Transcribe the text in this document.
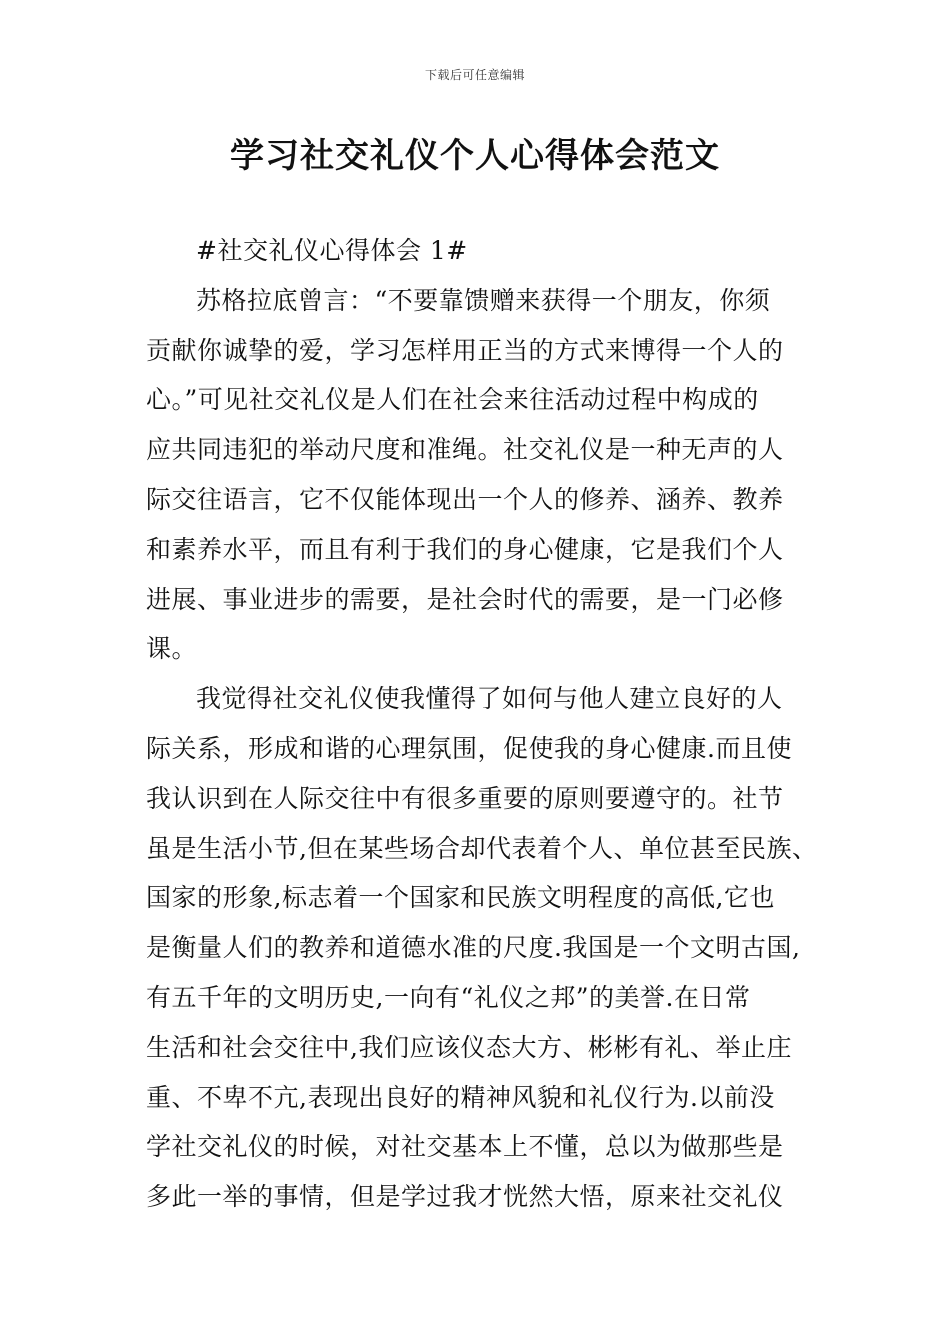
下载后可任意编辑
学习社交礼仪个人心得体会范文
#社交礼仪心得体会 1#
苏格拉底曾言：“不要靠馈赠来获得一个朋友，你须
贡献你诚挚的爱，学习怎样用正当的方式来博得一个人的
心。”可见社交礼仪是人们在社会来往活动过程中构成的
应共同违犯的举动尺度和准绳。社交礼仪是一种无声的人
际交往语言，它不仅能体现出一个人的修养、涵养、教养
和素养水平，而且有利于我们的身心健康，它是我们个人
进展、事业进步的需要，是社会时代的需要，是一门必修
课。
我觉得社交礼仪使我懂得了如何与他人建立良好的人
际关系，形成和谐的心理氛围，促使我的身心健康.而且使
我认识到在人际交往中有很多重要的原则要遵守的。社节
虽是生活小节,但在某些场合却代表着个人、单位甚至民族、
国家的形象,标志着一个国家和民族文明程度的高低,它也
是衡量人们的教养和道德水准的尺度.我国是一个文明古国,
有五千年的文明历史,一向有“礼仪之邦”的美誉.在日常
生活和社会交往中,我们应该仪态大方、彬彬有礼、举止庄
重、不卑不亢,表现出良好的精神风貌和礼仪行为.以前没
学社交礼仪的时候，对社交基本上不懂，总以为做那些是
多此一举的事情，但是学过我才恍然大悟，原来社交礼仪
